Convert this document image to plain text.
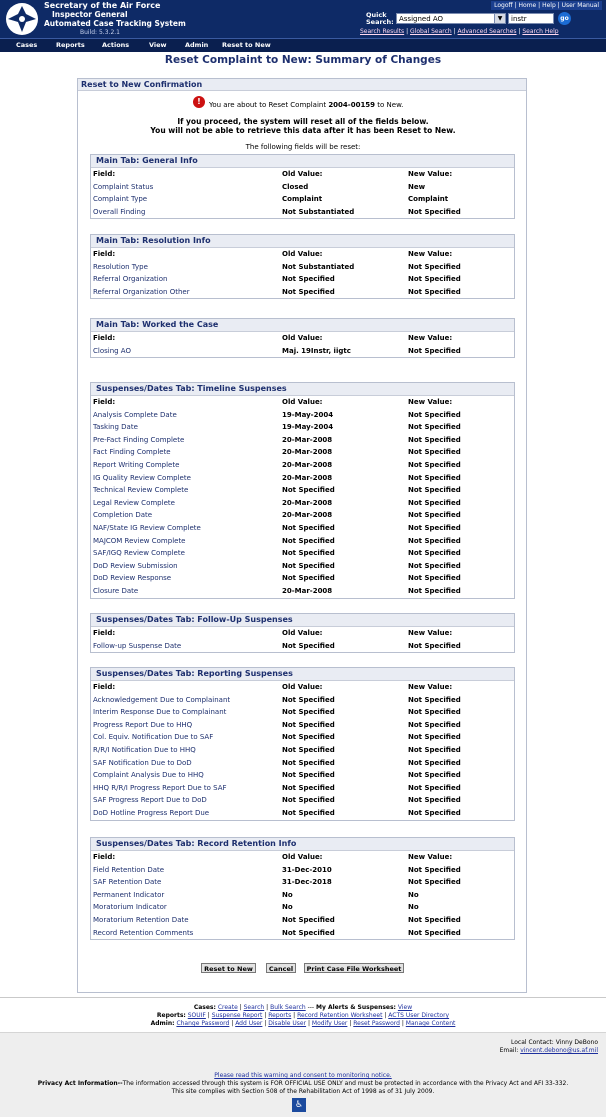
Secretary of the Air Force
Inspector General
Automated Case Tracking System
Build: 5.3.2.1
Logoff | Home | Help | User Manual
Quick
Search: Assigned AO	▼	instr	go
Search Results | Global Search | Advanced Searches | Search Help
Cases	Reports	Actions	View	Admin Reset to New
Reset Complaint to New: Summary of Changes
Reset to New Confirmation
!	You are about to Reset Complaint 2004-00159 to New.
If you proceed, the system will reset all of the fields below.
You will not be able to retrieve this data after it has been Reset to New.
The following fields will be reset:
Main Tab: General Info
Field:	Old Value:	New Value:
Complaint Status	Closed	New
Complaint Type	Complaint	Complaint
Overall Finding	Not Substantiated	Not Specified
Main Tab: Resolution Info
Field:	Old Value:	New Value:
Resolution Type	Not Substantiated	Not Specified
Referral Organization	Not Specified	Not Specified
Referral Organization Other	Not Specified	Not Specified
Main Tab: Worked the Case
Field:	Old Value:	New Value:
Closing AO	Maj. 19Instr, iigtc	Not Specified
Suspenses/Dates Tab: Timeline Suspenses
Field:	Old Value:	New Value:
Analysis Complete Date	19-May-2004	Not Specified
Tasking Date	19-May-2004	Not Specified
Pre-Fact Finding Complete	20-Mar-2008	Not Specified
Fact Finding Complete	20-Mar-2008	Not Specified
Report Writing Complete	20-Mar-2008	Not Specified
IG Quality Review Complete	20-Mar-2008	Not Specified
Technical Review Complete	Not Specified	Not Specified
Legal Review Complete	20-Mar-2008	Not Specified
Completion Date	20-Mar-2008	Not Specified
NAF/State IG Review Complete	Not Specified	Not Specified
MAJCOM Review Complete	Not Specified	Not Specified
SAF/IGQ Review Complete	Not Specified	Not Specified
DoD Review Submission	Not Specified	Not Specified
DoD Review Response	Not Specified	Not Specified
Closure Date	20-Mar-2008	Not Specified
Suspenses/Dates Tab: Follow-Up Suspenses
Field:	Old Value:	New Value:
Follow-up Suspense Date	Not Specified	Not Specified
Suspenses/Dates Tab: Reporting Suspenses
Field:	Old Value:	New Value:
Acknowledgement Due to Complainant	Not Specified	Not Specified
Interim Response Due to Complainant	Not Specified	Not Specified
Progress Report Due to HHQ	Not Specified	Not Specified
Col. Equiv. Notification Due to SAF	Not Specified	Not Specified
R/R/I Notification Due to HHQ	Not Specified	Not Specified
SAF Notification Due to DoD	Not Specified	Not Specified
Complaint Analysis Due to HHQ	Not Specified	Not Specified
HHQ R/R/I Progress Report Due to SAF	Not Specified	Not Specified
SAF Progress Report Due to DoD	Not Specified	Not Specified
DoD Hotline Progress Report Due	Not Specified	Not Specified
Suspenses/Dates Tab: Record Retention Info
Field:	Old Value:	New Value:
Field Retention Date	31-Dec-2010	Not Specified
SAF Retention Date	31-Dec-2018	Not Specified
Permanent Indicator	No	No
Moratorium Indicator	No	No
Moratorium Retention Date	Not Specified	Not Specified
Record Retention Comments	Not Specified	Not Specified
Reset to New	Cancel	Print Case File Worksheet
Cases: Create | Search | Bulk Search --- My Alerts & Suspenses: View
Reports: SOUIF | Suspense Report | Reports | Record Retention Worksheet | ACTS User Directory
Admin: Change Password | Add User | Disable User | Modify User | Reset Password | Manage Content
Local Contact: Vinny DeBono
Email: vincent.debono@us.af.mil
Please read this warning and consent to monitoring notice.
Privacy Act Information--The information accessed through this system is FOR OFFICIAL USE ONLY and must be protected in accordance with the Privacy Act and AFI 33-332.
This site complies with Section 508 of the Rehabilitation Act of 1998 as of 31 July 2009.
♿
